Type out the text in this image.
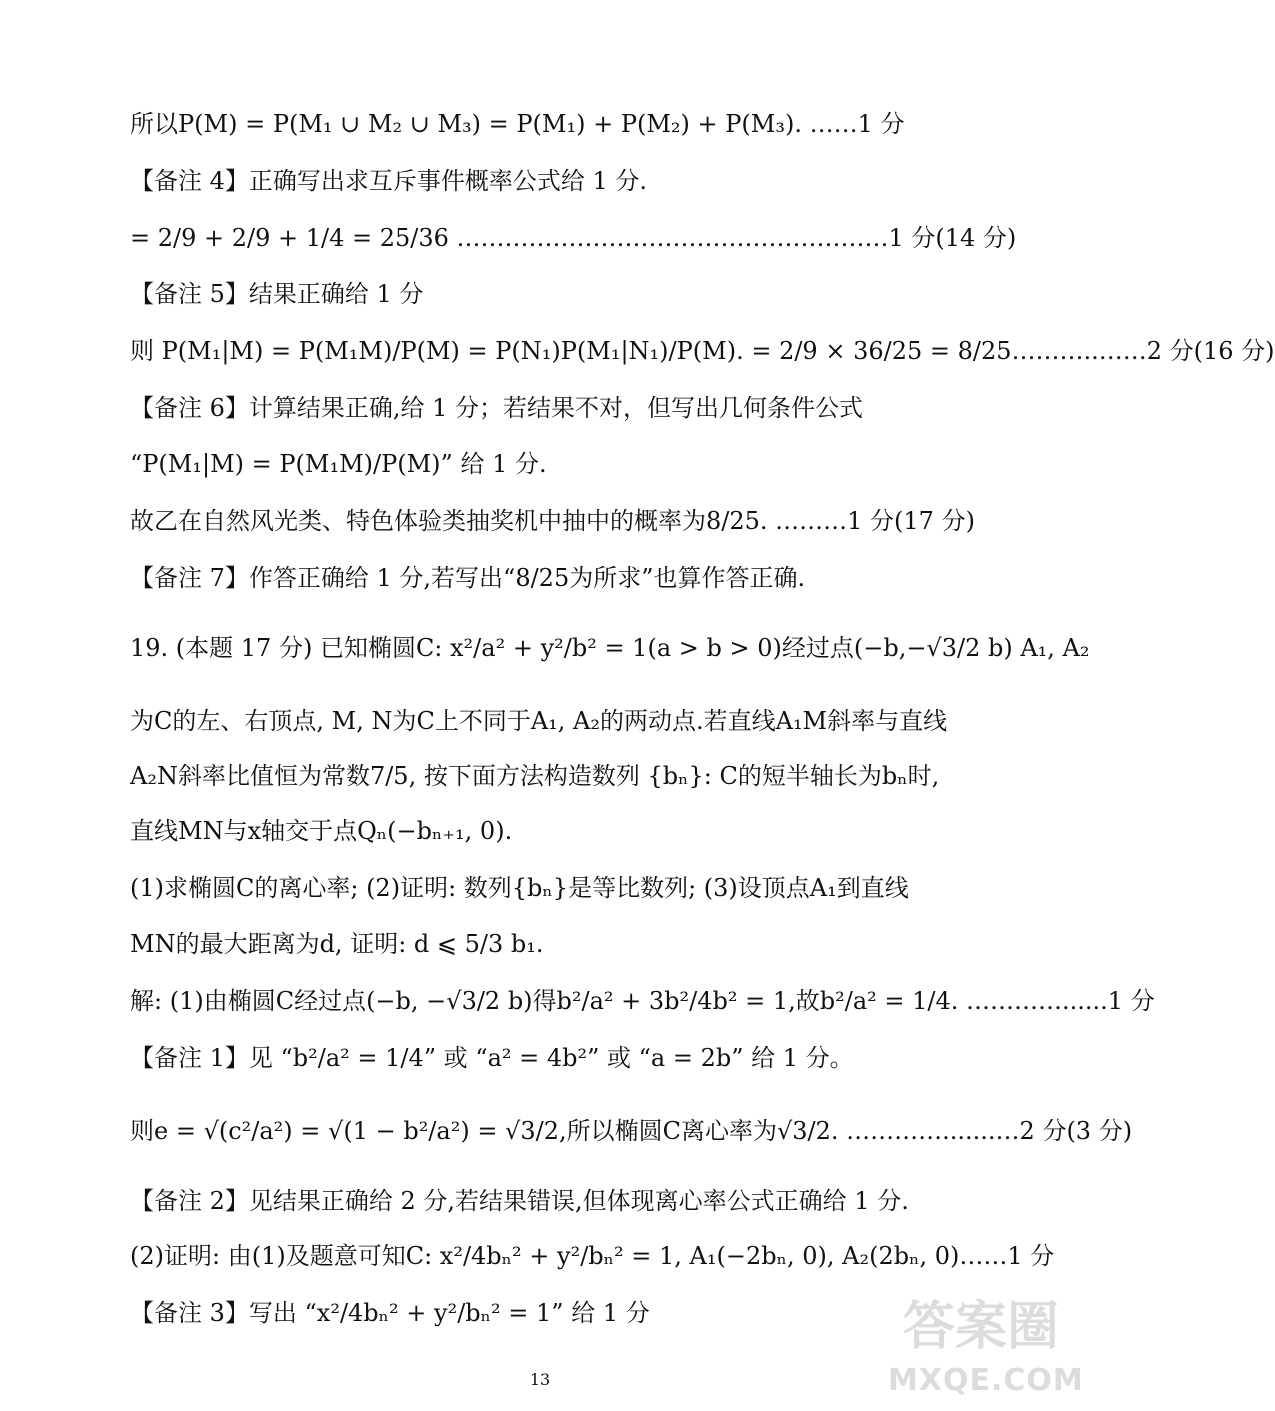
所以P(M) = P(M₁ ∪ M₂ ∪ M₃) = P(M₁) + P(M₂) + P(M₃). ……1 分
【备注 4】正确写出求互斥事件概率公式给 1 分.
= 2/9 + 2/9 + 1/4 = 25/36 ………………………………………………1 分(14 分)
【备注 5】结果正确给 1 分
则 P(M₁|M) = P(M₁M)/P(M) = P(N₁)P(M₁|N₁)/P(M). = 2/9 × 36/25 = 8/25………..……2 分(16 分)
【备注 6】计算结果正确,给 1 分；若结果不对，但写出几何条件公式
“P(M₁|M) = P(M₁M)/P(M)” 给 1 分.
故乙在自然风光类、特色体验类抽奖机中抽中的概率为8/25. ………1 分(17 分)
【备注 7】作答正确给 1 分,若写出“8/25为所求”也算作答正确.
19. (本题 17 分) 已知椭圆C: x²/a² + y²/b² = 1(a > b > 0)经过点(−b,−√3/2 b) A₁, A₂
为C的左、右顶点, M, N为C上不同于A₁, A₂的两动点.若直线A₁M斜率与直线
A₂N斜率比值恒为常数7/5, 按下面方法构造数列 {bₙ}: C的短半轴长为bₙ时,
直线MN与x轴交于点Qₙ(−bₙ₊₁, 0).
(1)求椭圆C的离心率; (2)证明: 数列{bₙ}是等比数列; (3)设顶点A₁到直线
MN的最大距离为d, 证明: d ⩽ 5/3 b₁.
解: (1)由椭圆C经过点(−b, −√3/2 b)得b²/a² + 3b²/4b² = 1,故b²/a² = 1/4. …………......1 分
【备注 1】见 “b²/a² = 1/4” 或 “a² = 4b²” 或 “a = 2b” 给 1 分。
则e = √(c²/a²) = √(1 − b²/a²) = √3/2,所以椭圆C离心率为√3/2. ………….......…2 分(3 分)
【备注 2】见结果正确给 2 分,若结果错误,但体现离心率公式正确给 1 分.
(2)证明: 由(1)及题意可知C: x²/4bₙ² + y²/bₙ² = 1, A₁(−2bₙ, 0), A₂(2bₙ, 0)……1 分
【备注 3】写出 “x²/4bₙ² + y²/bₙ² = 1” 给 1 分
13
答案圈
MXQE.COM
